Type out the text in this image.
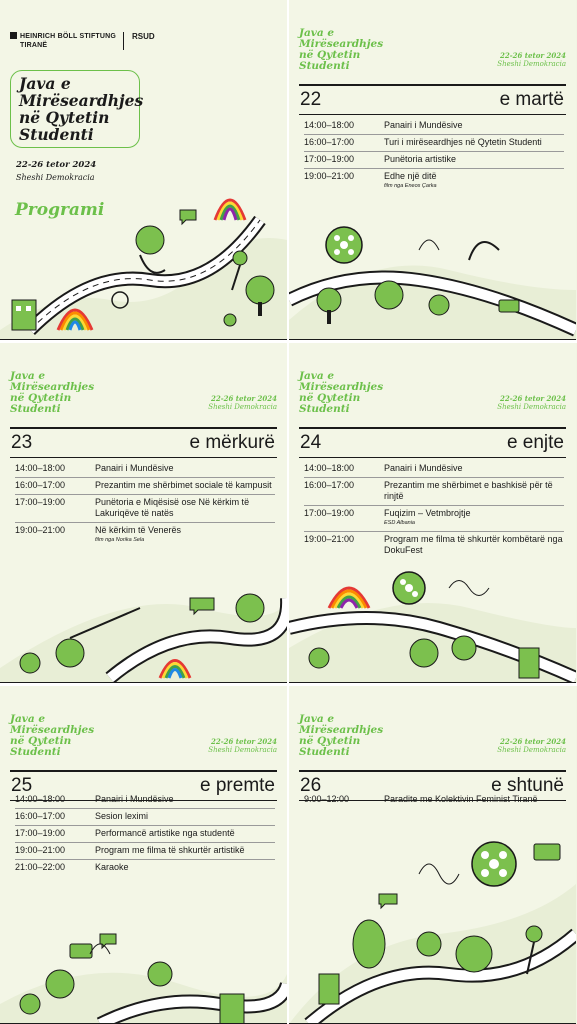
HEINRICH BÖLL STIFTUNG
TIRANË
RSUD
Java e
Mirëseardhjes
në Qytetin
Studenti
22-26 tetor 2024
Sheshi Demokracia
Programi
Java e
Mirëseardhjes
në Qytetin
Studenti
22-26 tetor 2024
Sheshi Demokracia
22	e martë
14:00–18:00	Panairi i Mundësive
16:00–17:00	Turi i mirëseardhjes në Qytetin Studenti
17:00–19:00	Punëtoria artistike
19:00–21:00	Edhe një ditë
film nga Eneos Çarka
Java e
Mirëseardhjes
në Qytetin
Studenti
22-26 tetor 2024
Sheshi Demokracia
23	e mërkurë
14:00–18:00	Panairi i Mundësive
16:00–17:00	Prezantim me shërbimet sociale të kampusit
17:00–19:00	Punëtoria e Miqësisë ose Në kërkim të Lakuriqëve të natës
19:00–21:00	Në kërkim të Venerës
film nga Norika Sela
Java e
Mirëseardhjes
në Qytetin
Studenti
22-26 tetor 2024
Sheshi Demokracia
24	e enjte
14:00–18:00	Panairi i Mundësive
16:00–17:00	Prezantim me shërbimet e bashkisë për të rinjtë
17:00–19:00	Fuqizim – Vetmbrojtje
ESD Albania
19:00–21:00	Program me filma të shkurtër kombëtarë nga DokuFest
Java e
Mirëseardhjes
në Qytetin
Studenti
22-26 tetor 2024
Sheshi Demokracia
25	e premte
14:00–18:00	Panairi i Mundësive
16:00–17:00	Sesion leximi
17:00–19:00	Performancë artistike nga studentë
19:00–21:00	Program me filma të shkurtër artistikë
21:00–22:00	Karaoke
Java e
Mirëseardhjes
në Qytetin
Studenti
22-26 tetor 2024
Sheshi Demokracia
26	e shtunë
9:00–12:00	Paradite me Kolektivin Feminist Tiranë
